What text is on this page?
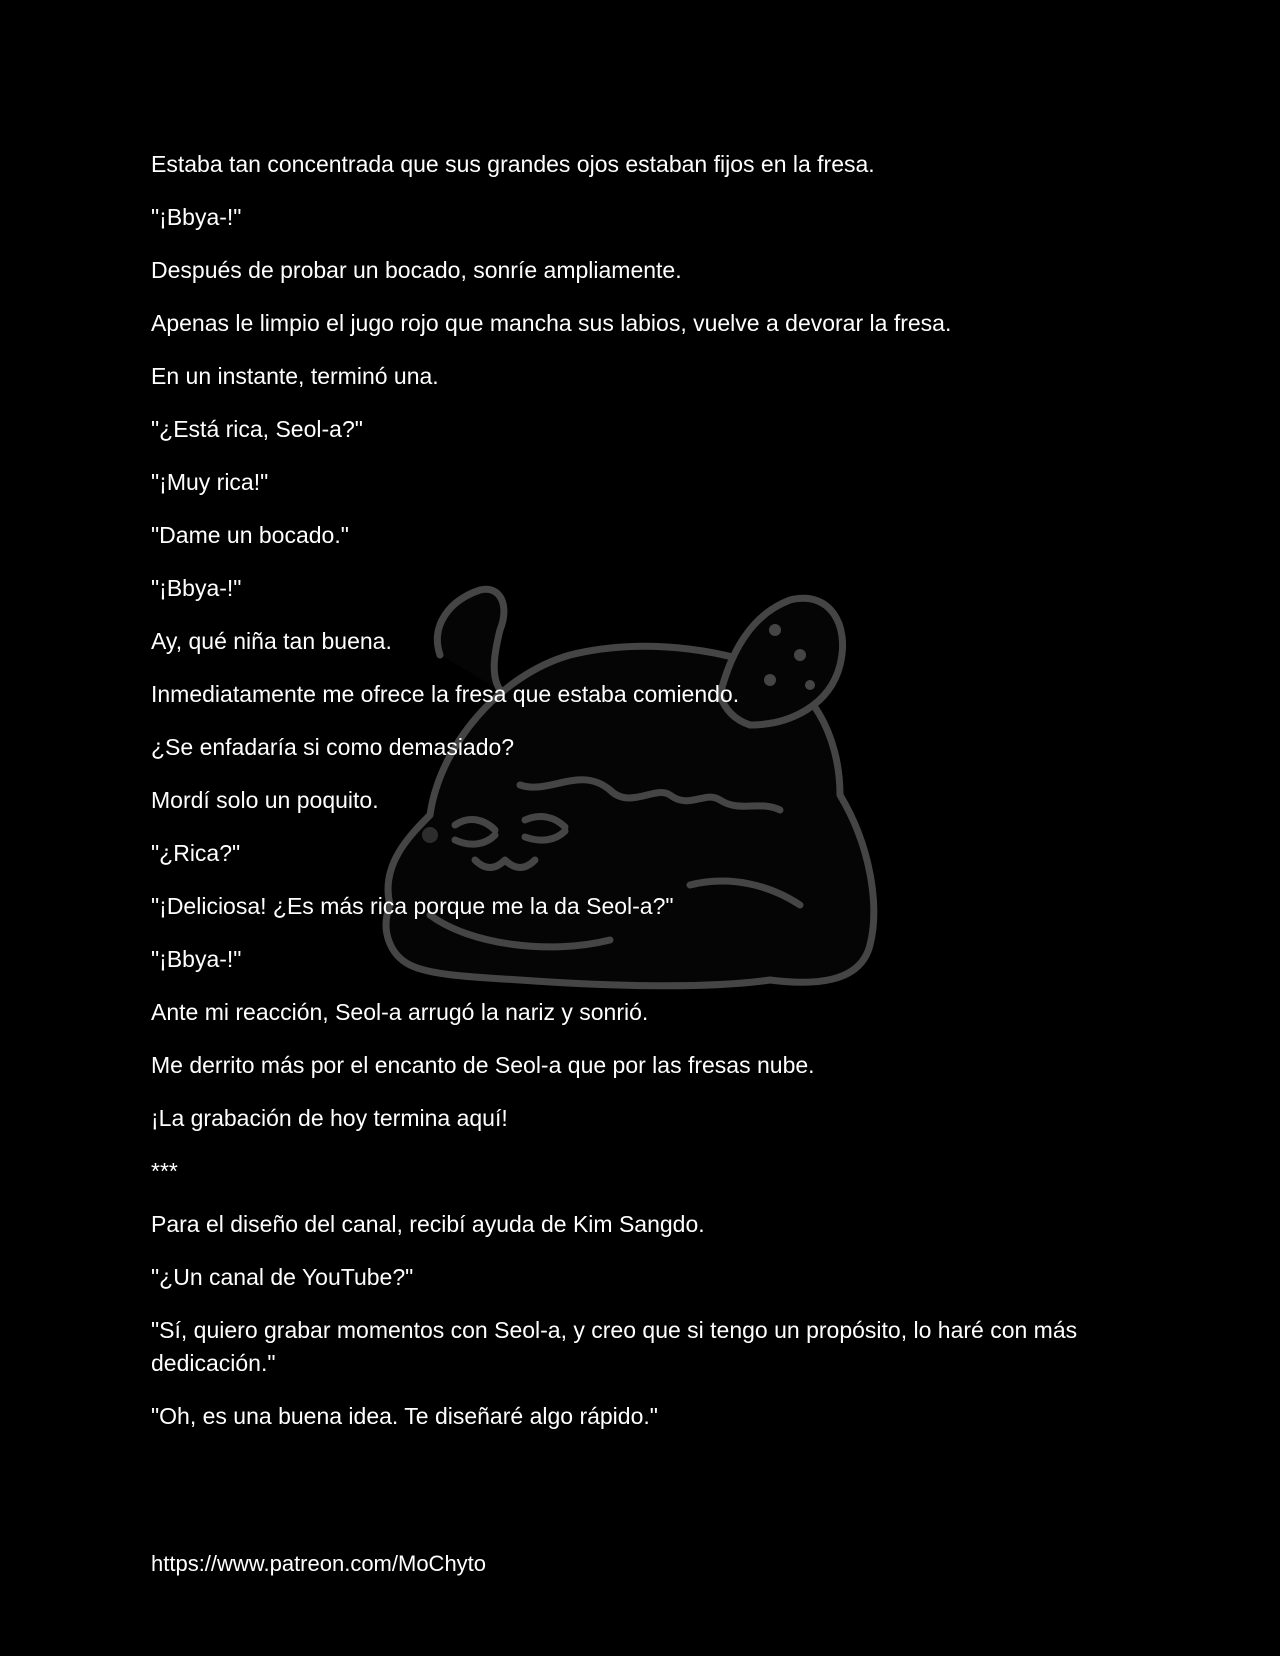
Estaba tan concentrada que sus grandes ojos estaban fijos en la fresa.

"¡Bbya-!"

Después de probar un bocado, sonríe ampliamente.

Apenas le limpio el jugo rojo que mancha sus labios, vuelve a devorar la fresa.

En un instante, terminó una.

"¿Está rica, Seol-a?"

"¡Muy rica!"

"Dame un bocado."

"¡Bbya-!"

Ay, qué niña tan buena.

Inmediatamente me ofrece la fresa que estaba comiendo.

¿Se enfadaría si como demasiado?

Mordí solo un poquito.

"¿Rica?"

"¡Deliciosa! ¿Es más rica porque me la da Seol-a?"

"¡Bbya-!"

Ante mi reacción, Seol-a arrugó la nariz y sonrió.

Me derrito más por el encanto de Seol-a que por las fresas nube.

¡La grabación de hoy termina aquí!

***

Para el diseño del canal, recibí ayuda de Kim Sangdo.

"¿Un canal de YouTube?"

"Sí, quiero grabar momentos con Seol-a, y creo que si tengo un propósito, lo haré con más dedicación."

"Oh, es una buena idea. Te diseñaré algo rápido."

https://www.patreon.com/MoChyto
